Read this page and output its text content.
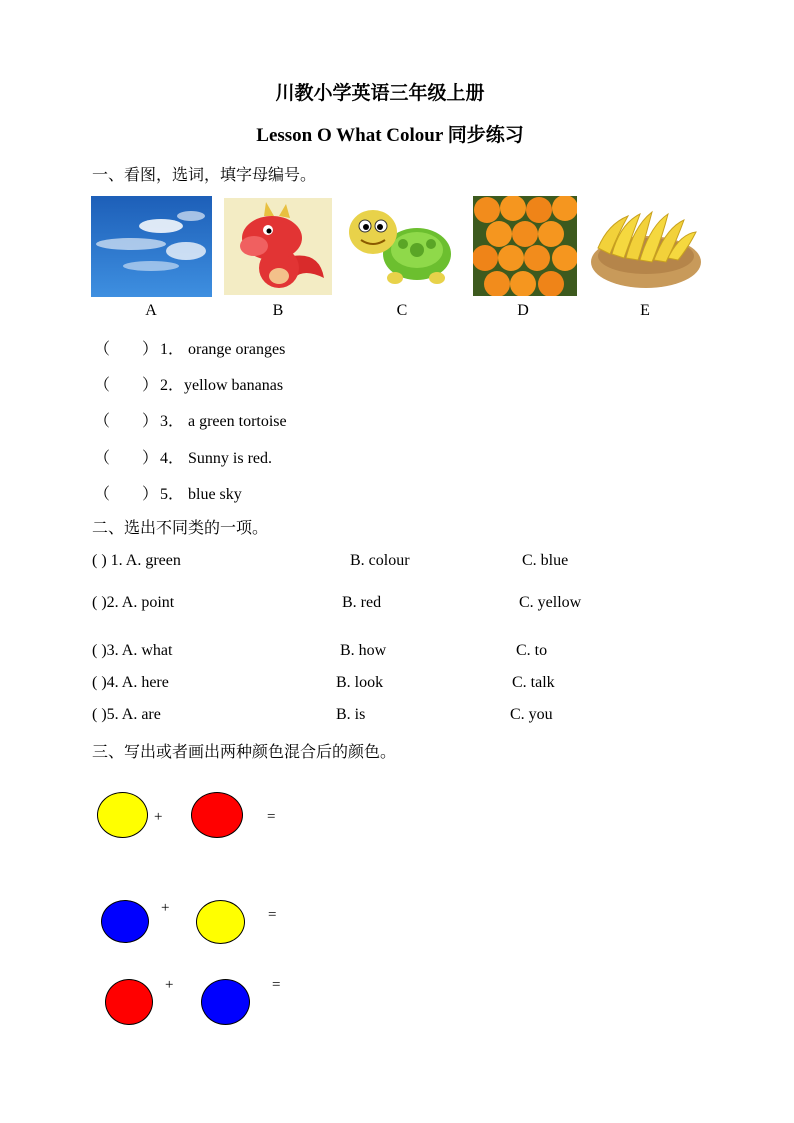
川教小学英语三年级上册
Lesson O What Colour 同步练习
一、看图，选词，填字母编号。
A	B	C	D	E
（　　） 1． orange oranges
（　　） 2．yellow bananas
（　　） 3． a green tortoise
（　　） 4． Sunny is red.
（　　） 5． blue sky
二、选出不同类的一项。
( ) 1. A. green	B. colour	C. blue
( )2. A. point	B. red	C. yellow
( )3. A. what	B. how	C. to
( )4. A. here	B. look	C. talk
( )5. A. are	B. is	C. you
三、写出或者画出两种颜色混合后的颜色。
+	=
+	=
+	=
